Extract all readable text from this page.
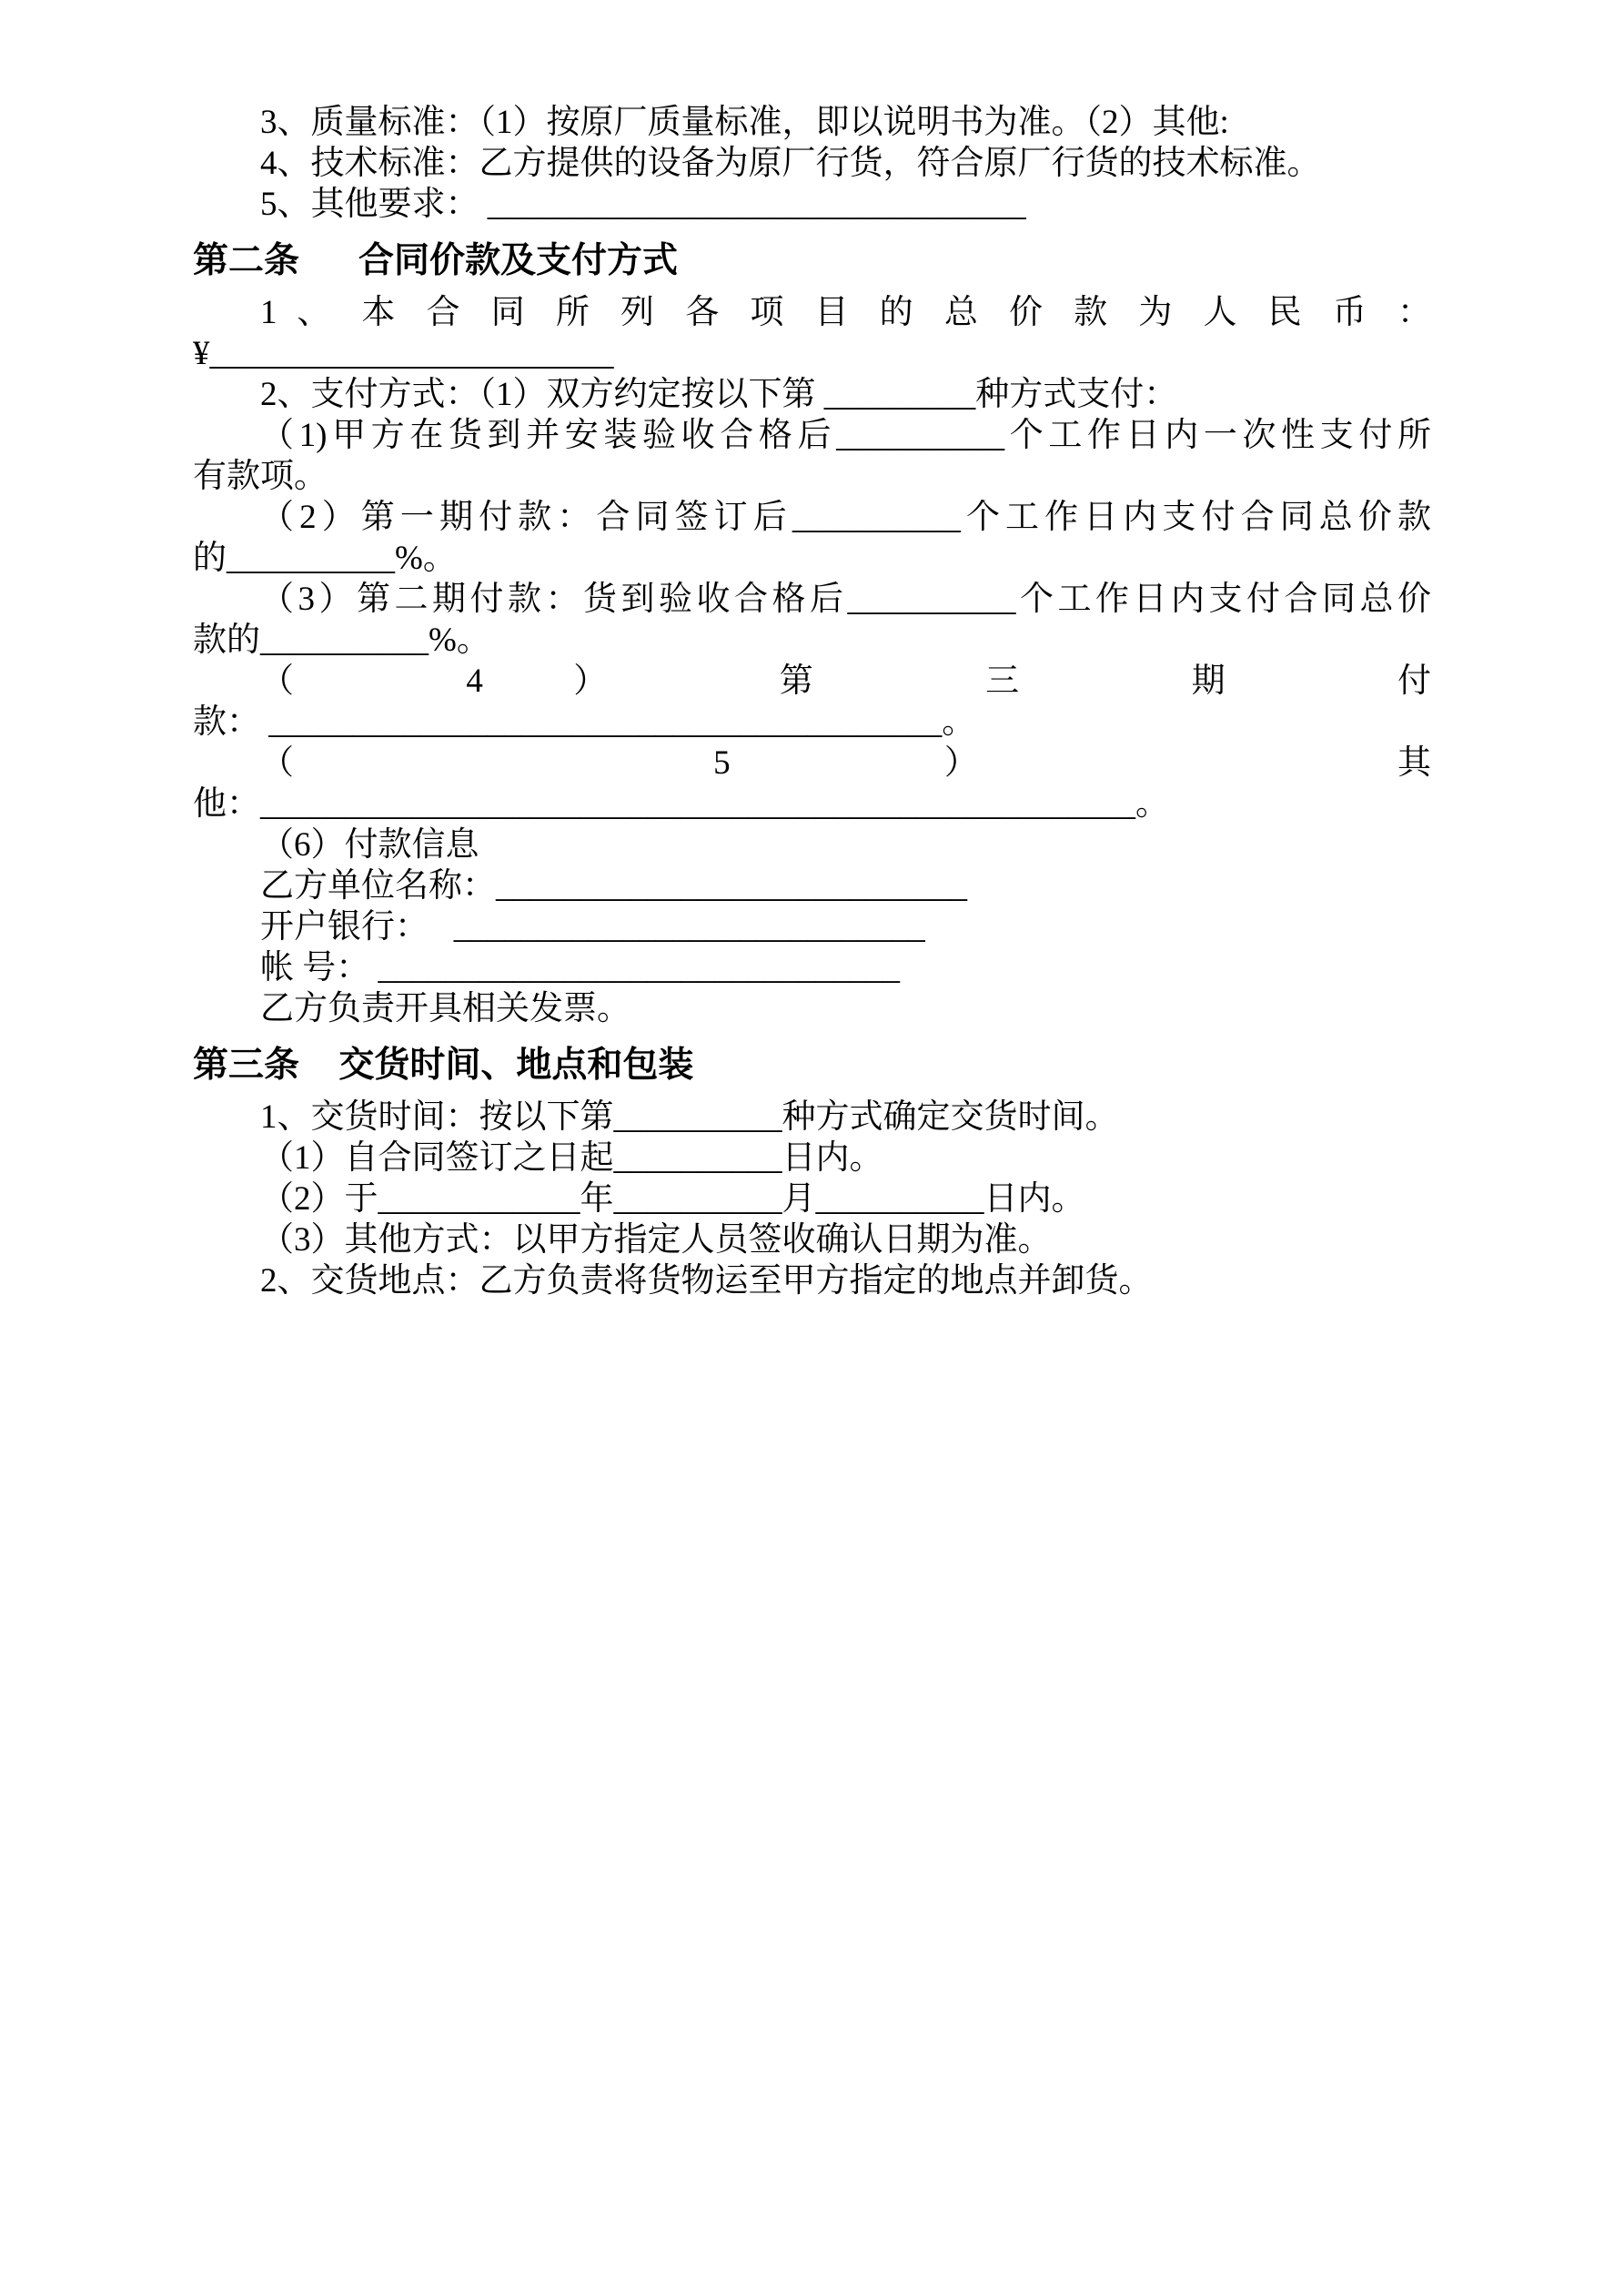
3、质量标准：（1）按原厂质量标准，即以说明书为准。（2）其他:
4、技术标准：乙方提供的设备为原厂行货，符合原厂行货的技术标准。
5、其他要求： ________________________________
第二条      合同价款及支付方式
1 、 本 合 同 所 列 各 项 目 的 总 价 款 为 人 民 币 ：
¥________________________
2、支付方式：（1）双方约定按以下第 _________种方式支付：
（1)甲方在货到并安装验收合格后__________个工作日内一次性支付所
有款项。
（2）第一期付款：合同签订后__________个工作日内支付合同总价款
的__________%。
（3）第二期付款：货到验收合格后__________个工作日内支付合同总价
款的__________%。
（ 4 ） 第 三 期 付
款： ________________________________________。
（ 5 ） 其
他：____________________________________________________。
（6）付款信息
乙方单位名称：____________________________
开户银行：   ____________________________
帐 号： _______________________________
乙方负责开具相关发票。
第三条    交货时间、地点和包装
1、交货时间：按以下第__________种方式确定交货时间。
（1）自合同签订之日起__________日内。
（2）于____________年__________月__________日内。
（3）其他方式：以甲方指定人员签收确认日期为准。
2、交货地点：乙方负责将货物运至甲方指定的地点并卸货。
